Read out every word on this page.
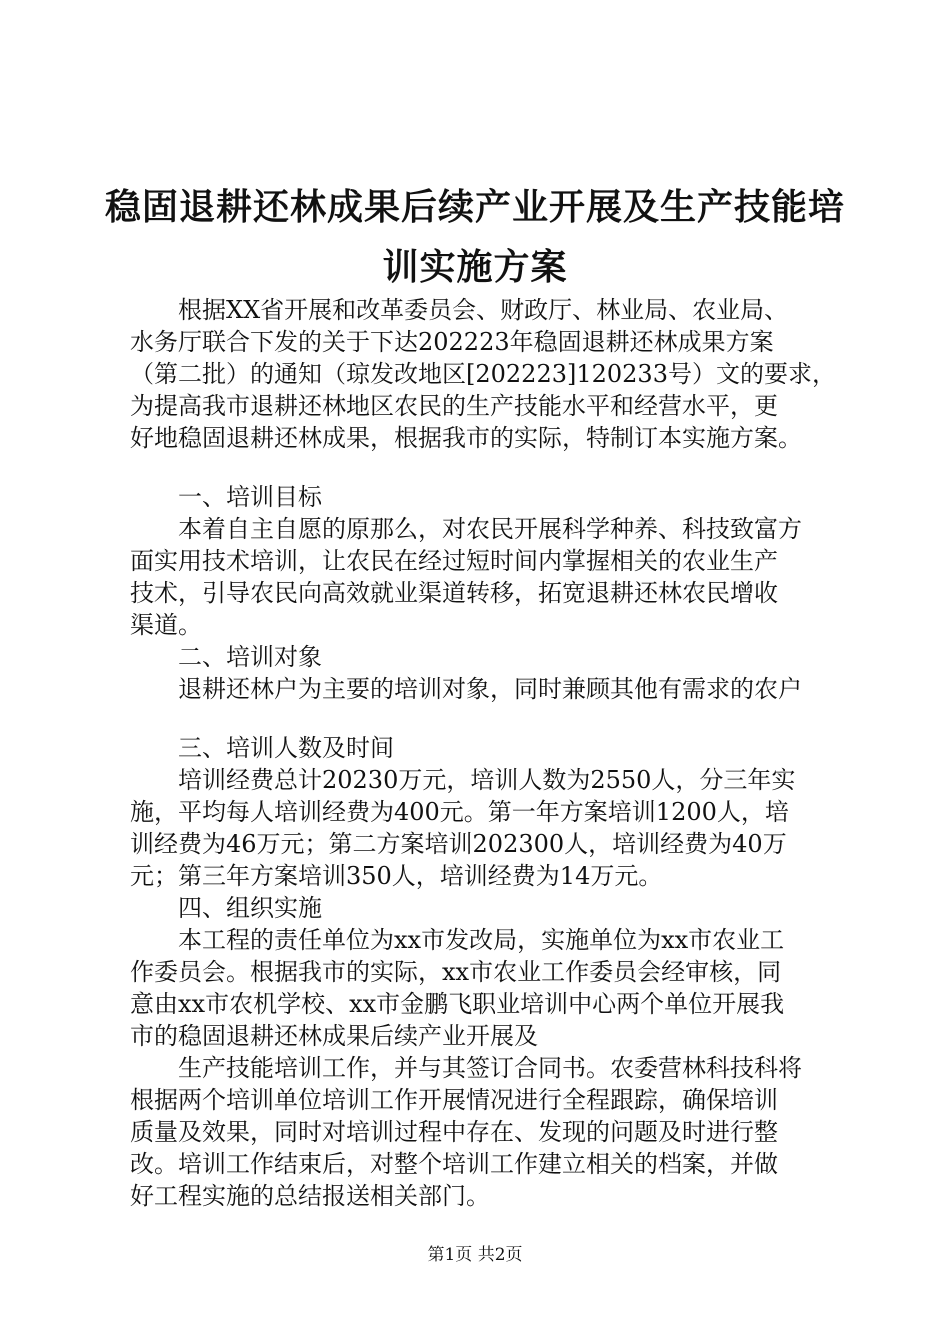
稳固退耕还林成果后续产业开展及生产技能培
训实施方案
根据XX省开展和改革委员会、财政厅、林业局、农业局、
水务厅联合下发的关于下达202223年稳固退耕还林成果方案
（第二批）的通知（琼发改地区[202223]120233号）文的要求，
为提高我市退耕还林地区农民的生产技能水平和经营水平，更
好地稳固退耕还林成果，根据我市的实际，特制订本实施方案。
一、培训目标
本着自主自愿的原那么，对农民开展科学种养、科技致富方
面实用技术培训，让农民在经过短时间内掌握相关的农业生产
技术，引导农民向高效就业渠道转移，拓宽退耕还林农民增收
渠道。
二、培训对象
退耕还林户为主要的培训对象，同时兼顾其他有需求的农户
三、培训人数及时间
培训经费总计20230万元，培训人数为2550人，分三年实
施，平均每人培训经费为400元。第一年方案培训1200人，培
训经费为46万元；第二方案培训202300人，培训经费为40万
元；第三年方案培训350人，培训经费为14万元。
四、组织实施
本工程的责任单位为xx市发改局，实施单位为xx市农业工
作委员会。根据我市的实际，xx市农业工作委员会经审核，同
意由xx市农机学校、xx市金鹏飞职业培训中心两个单位开展我
市的稳固退耕还林成果后续产业开展及
生产技能培训工作，并与其签订合同书。农委营林科技科将
根据两个培训单位培训工作开展情况进行全程跟踪，确保培训
质量及效果，同时对培训过程中存在、发现的问题及时进行整
改。培训工作结束后，对整个培训工作建立相关的档案，并做
好工程实施的总结报送相关部门。
第1页 共2页
